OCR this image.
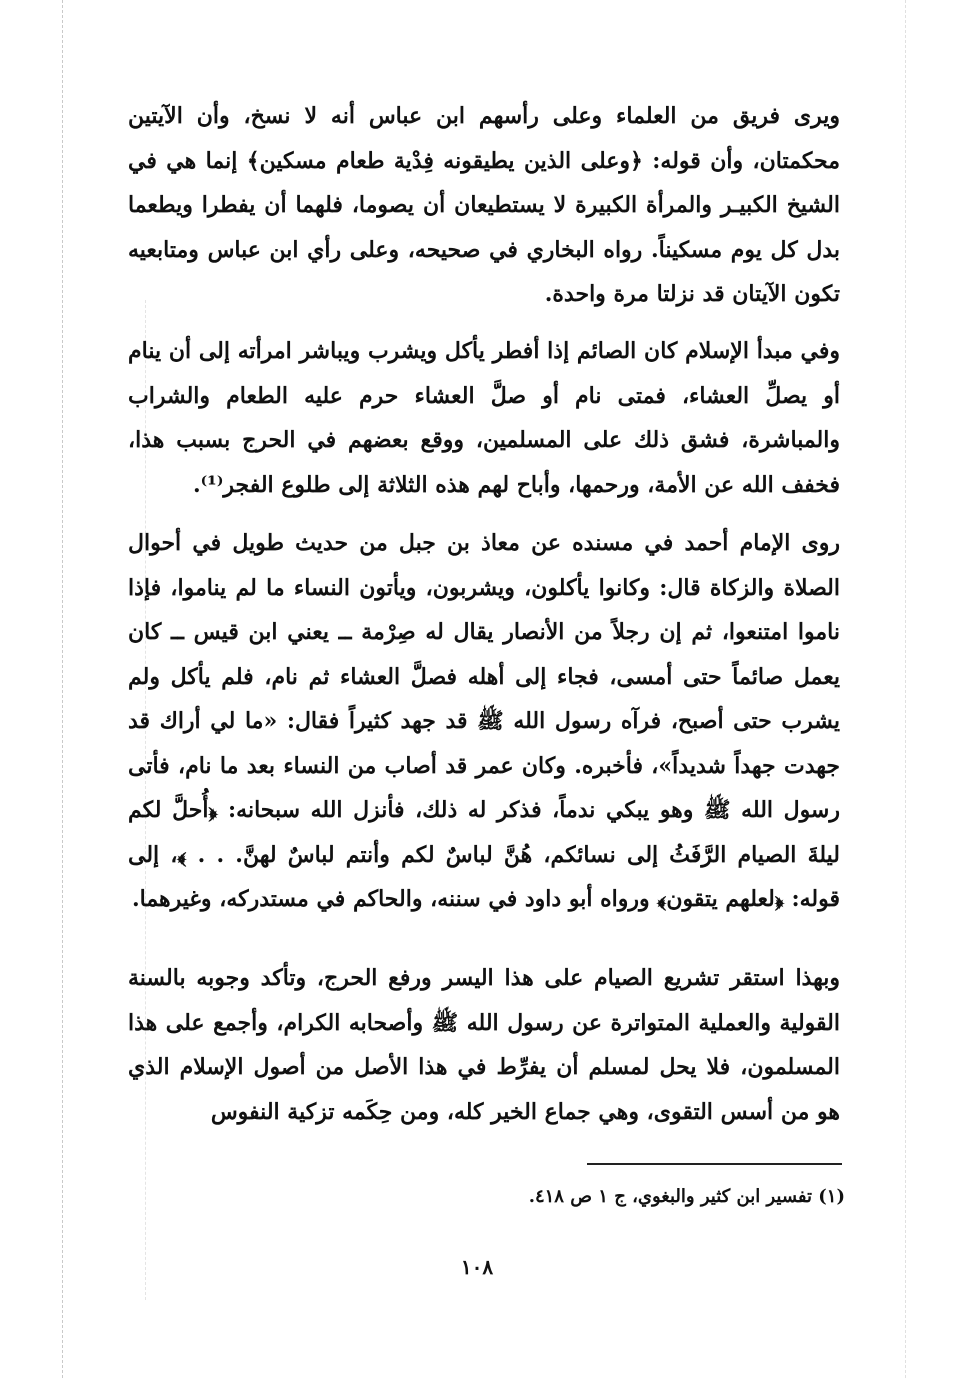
ويرى فريق من العلماء وعلى رأسهم ابن عباس أنه لا نسخ، وأن الآيتين محكمتان، وأن قوله: ﴿وعلى الذين يطيقونه فِدْية طعام مسكين﴾ إنما هي في الشيخ الكبيـر والمرأة الكبيرة لا يستطيعان أن يصوما، فلهما أن يفطرا ويطعما بدل كل يوم مسكيناً. رواه البخاري في صحيحه، وعلى رأي ابن عباس ومتابعيه تكون الآيتان قد نزلتا مرة واحدة.

وفي مبدأ الإسلام كان الصائم إذا أفطر يأكل ويشرب ويباشر امرأته إلى أن ينام أو يصلِّ العشاء، فمتى نام أو صلَّ العشاء حرم عليه الطعام والشراب والمباشرة، فشق ذلك على المسلمين، ووقع بعضهم في الحرج بسبب هذا، فخفف الله عن الأمة، ورحمها، وأباح لهم هذه الثلاثة إلى طلوع الفجر⁽¹⁾.

روى الإمام أحمد في مسنده عن معاذ بن جبل من حديث طويل في أحوال الصلاة والزكاة قال: وكانوا يأكلون، ويشربون، ويأتون النساء ما لم يناموا، فإذا ناموا امتنعوا، ثم إن رجلاً من الأنصار يقال له صِرْمة ــ يعني ابن قيس ــ كان يعمل صائماً حتى أمسى، فجاء إلى أهله فصلَّ العشاء ثم نام، فلم يأكل ولم يشرب حتى أصبح، فرآه رسول الله ﷺ قد جهد كثيراً فقال: «ما لي أراك قد جهدت جهداً شديداً»، فأخبره. وكان عمر قد أصاب من النساء بعد ما نام، فأتى رسول الله ﷺ وهو يبكي ندماً، فذكر له ذلك، فأنزل الله سبحانه: ﴿أُحلَّ لكم ليلةَ الصيام الرَّفَثُ إلى نسائكم، هُنَّ لباسٌ لكم وأنتم لباسٌ لهنَّ. . . ﴾، إلى قوله: ﴿لعلهم يتقون﴾ ورواه أبو داود في سننه، والحاكم في مستدركه، وغيرهما.

وبهذا استقر تشريع الصيام على هذا اليسر ورفع الحرج، وتأكد وجوبه بالسنة القولية والعملية المتواترة عن رسول الله ﷺ وأصحابه الكرام، وأجمع على هذا المسلمون، فلا يحل لمسلم أن يفرِّط في هذا الأصل من أصول الإسلام الذي هو من أسس التقوى، وهي جماع الخير كله، ومن حِكَمه تزكية النفوس

(١) تفسير ابن كثير والبغوي، ج ١ ص ٤١٨.

١٠٨
